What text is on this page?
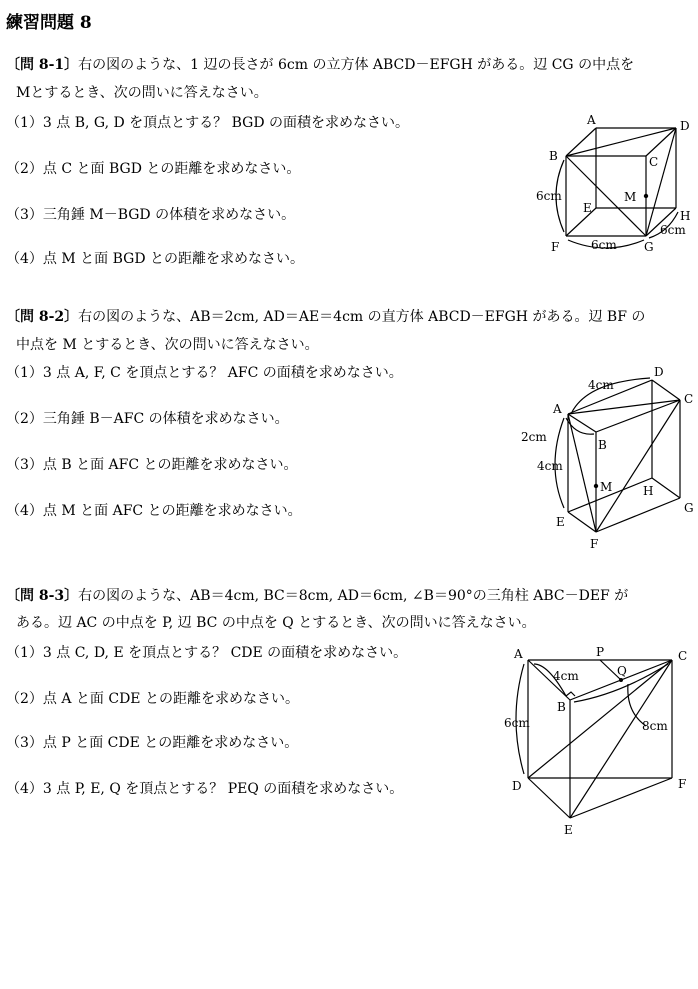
練習問題 8
〔問 8-1〕右の図のような、1 辺の長さが 6cm の立方体 ABCD－EFGH がある。辺 CG の中点を
Mとするとき、次の問いに答えなさい。
（1）3 点 B, G, D を頂点とする？ BGD の面積を求めなさい。
（2）点 C と面 BGD との距離を求めなさい。
（3）三角錘 M－BGD の体積を求めなさい。
（4）点 M と面 BGD との距離を求めなさい。
A	D
B	C
M
E
H
F	G
6cm
6cm
6cm
〔問 8-2〕右の図のような、AB＝2cm, AD＝AE＝4cm の直方体 ABCD－EFGH がある。辺 BF の
中点を M とするとき、次の問いに答えなさい。
（1）3 点 A, F, C を頂点とする？ AFC の面積を求めなさい。
（2）三角錘 B－AFC の体積を求めなさい。
（3）点 B と面 AFC との距離を求めなさい。
（4）点 M と面 AFC との距離を求めなさい。
A
D
C
B
M	H
G
E
F
4cm
2cm
4cm
〔問 8-3〕右の図のような、AB＝4cm, BC＝8cm, AD＝6cm, ∠B＝90°の三角柱 ABC－DEF が
ある。辺 AC の中点を P, 辺 BC の中点を Q とするとき、次の問いに答えなさい。
（1）3 点 C, D, E を頂点とする？ CDE の面積を求めなさい。
（2）点 A と面 CDE との距離を求めなさい。
（3）点 P と面 CDE との距離を求めなさい。
（4）3 点 P, E, Q を頂点とする？ PEQ の面積を求めなさい。
A	P	C
Q
4cm
B
6cm	8cm
D	F
E
